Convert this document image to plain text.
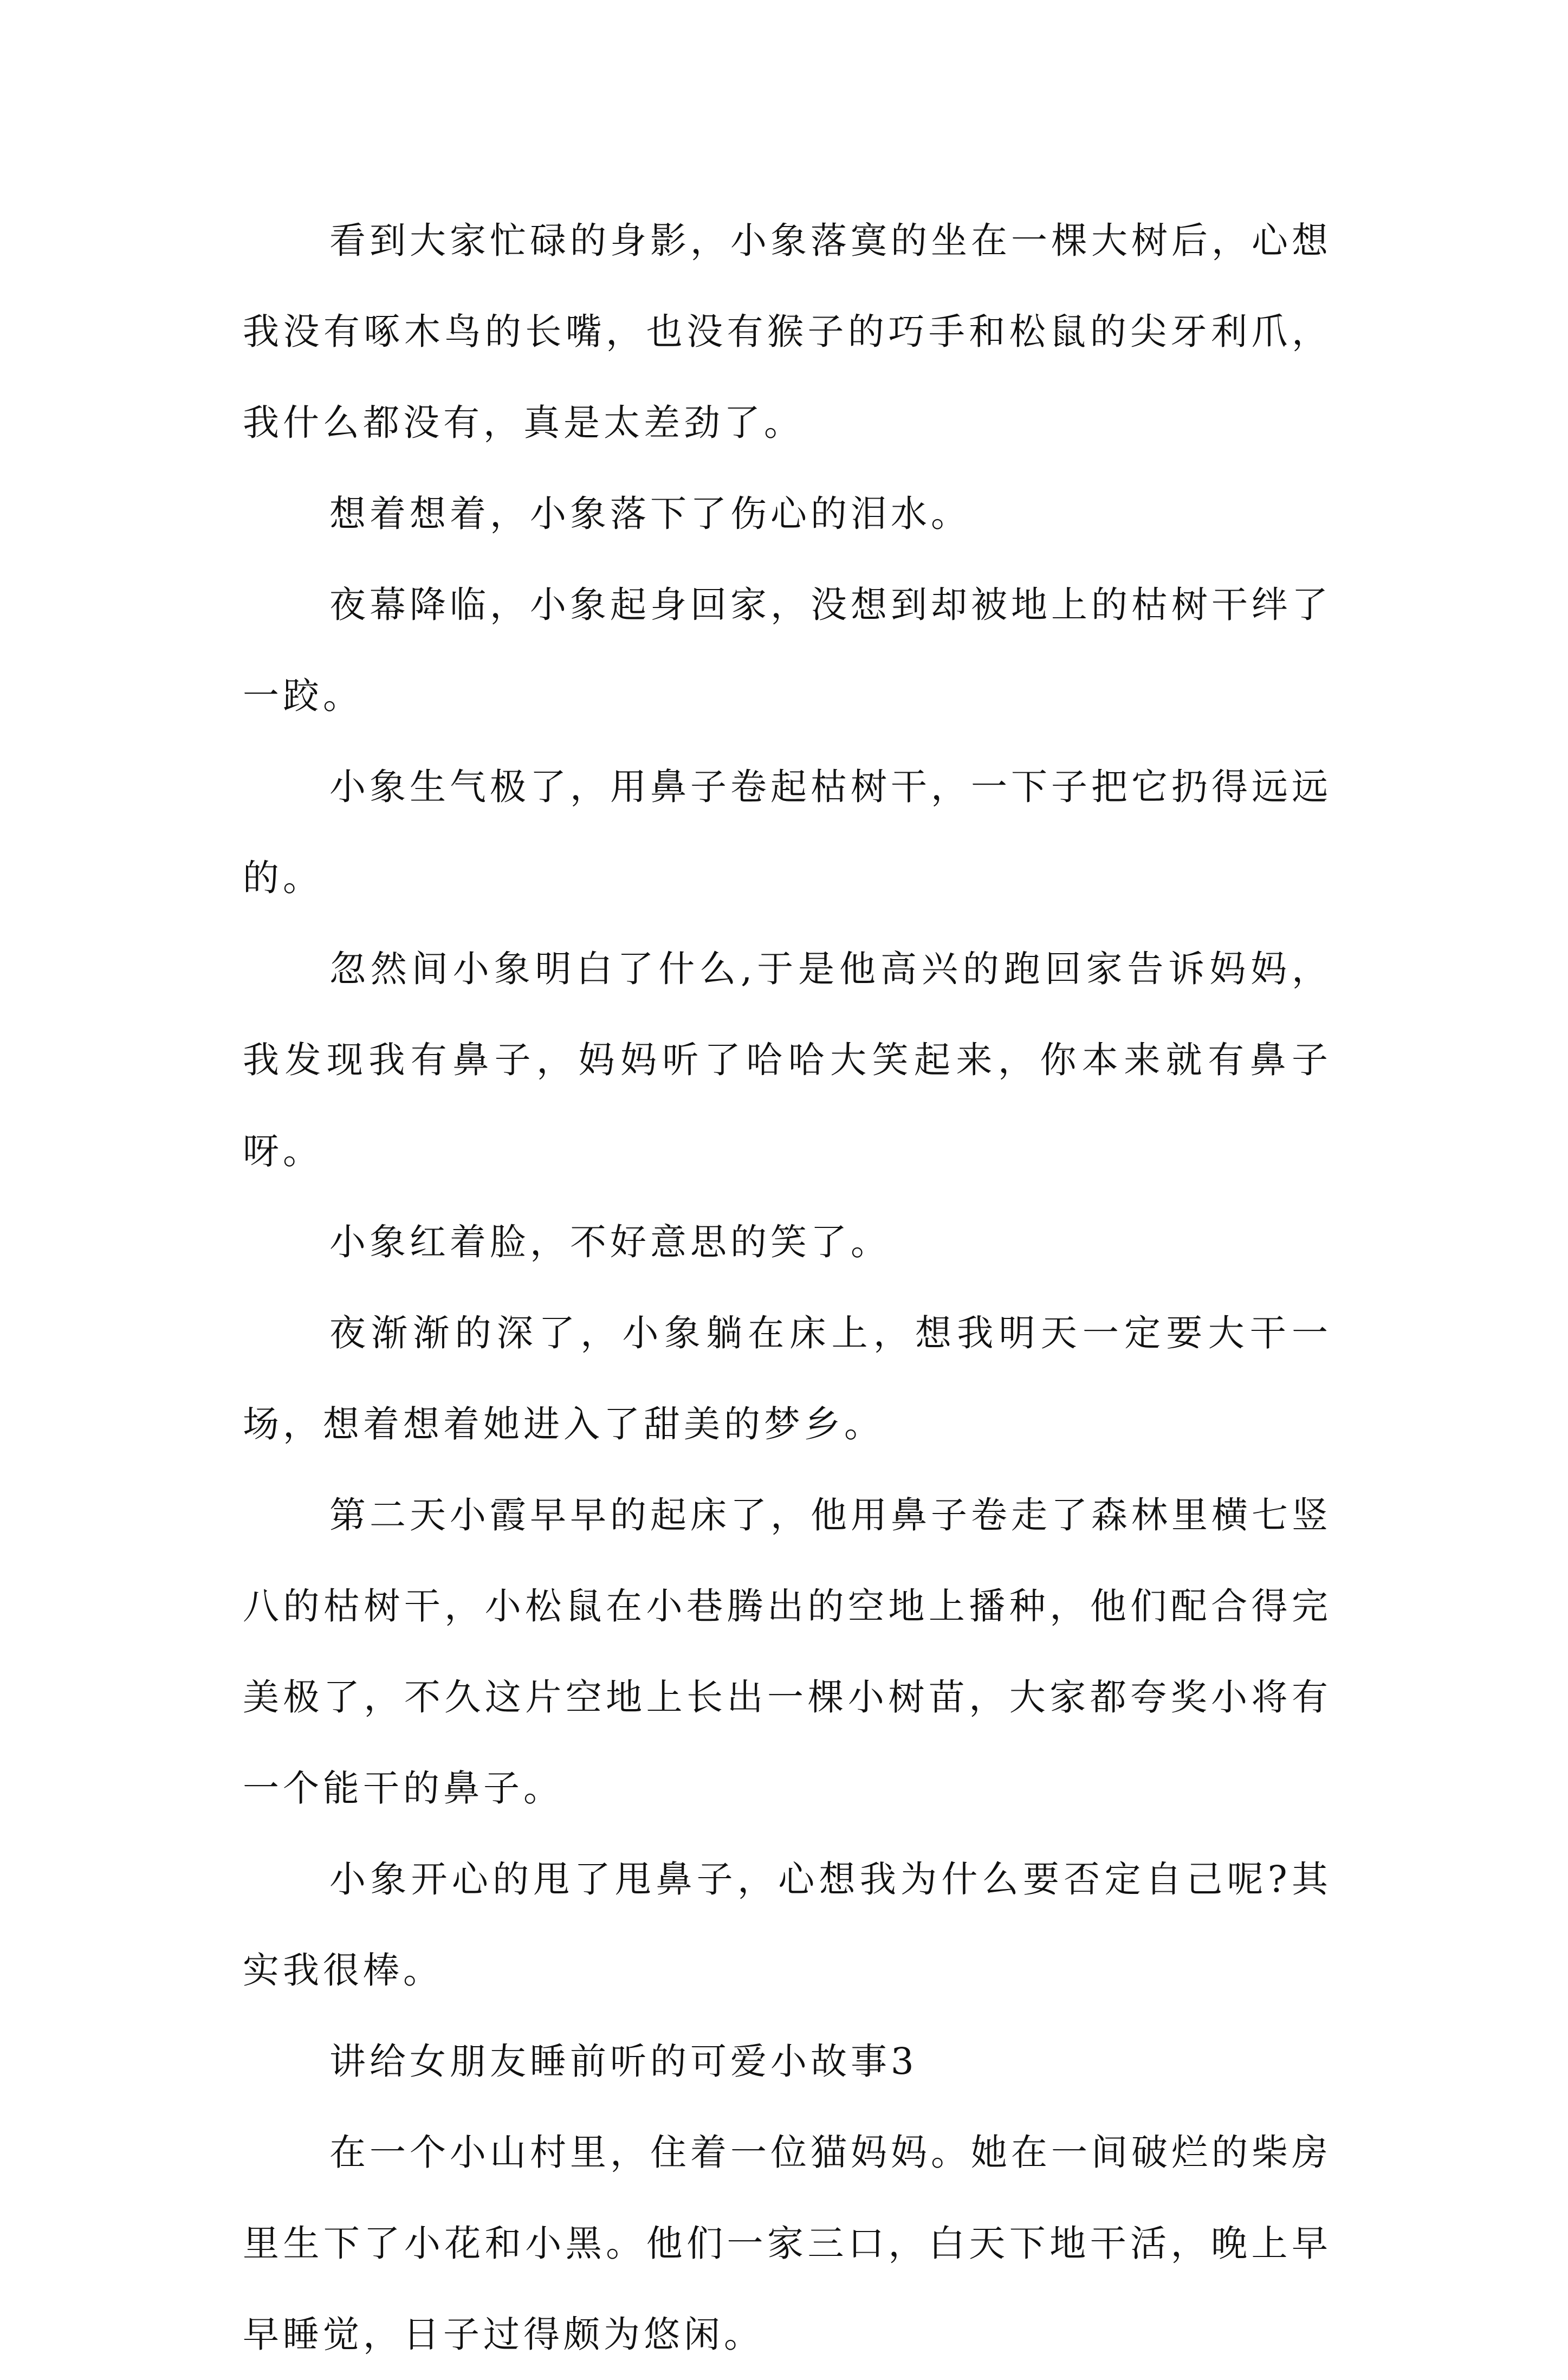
看到大家忙碌的身影，小象落寞的坐在一棵大树后，心想我没有啄木鸟的长嘴，也没有猴子的巧手和松鼠的尖牙利爪，我什么都没有，真是太差劲了。

想着想着，小象落下了伤心的泪水。

夜幕降临，小象起身回家，没想到却被地上的枯树干绊了一跤。

小象生气极了，用鼻子卷起枯树干，一下子把它扔得远远的。

忽然间小象明白了什么,于是他高兴的跑回家告诉妈妈，我发现我有鼻子，妈妈听了哈哈大笑起来，你本来就有鼻子呀。

小象红着脸，不好意思的笑了。

夜渐渐的深了，小象躺在床上，想我明天一定要大干一场，想着想着她进入了甜美的梦乡。

第二天小霞早早的起床了，他用鼻子卷走了森林里横七竖八的枯树干，小松鼠在小巷腾出的空地上播种，他们配合得完美极了，不久这片空地上长出一棵小树苗，大家都夸奖小将有一个能干的鼻子。

小象开心的甩了甩鼻子，心想我为什么要否定自己呢?其实我很棒。

讲给女朋友睡前听的可爱小故事3

在一个小山村里，住着一位猫妈妈。她在一间破烂的柴房里生下了小花和小黑。他们一家三口，白天下地干活，晚上早早睡觉，日子过得颇为悠闲。
